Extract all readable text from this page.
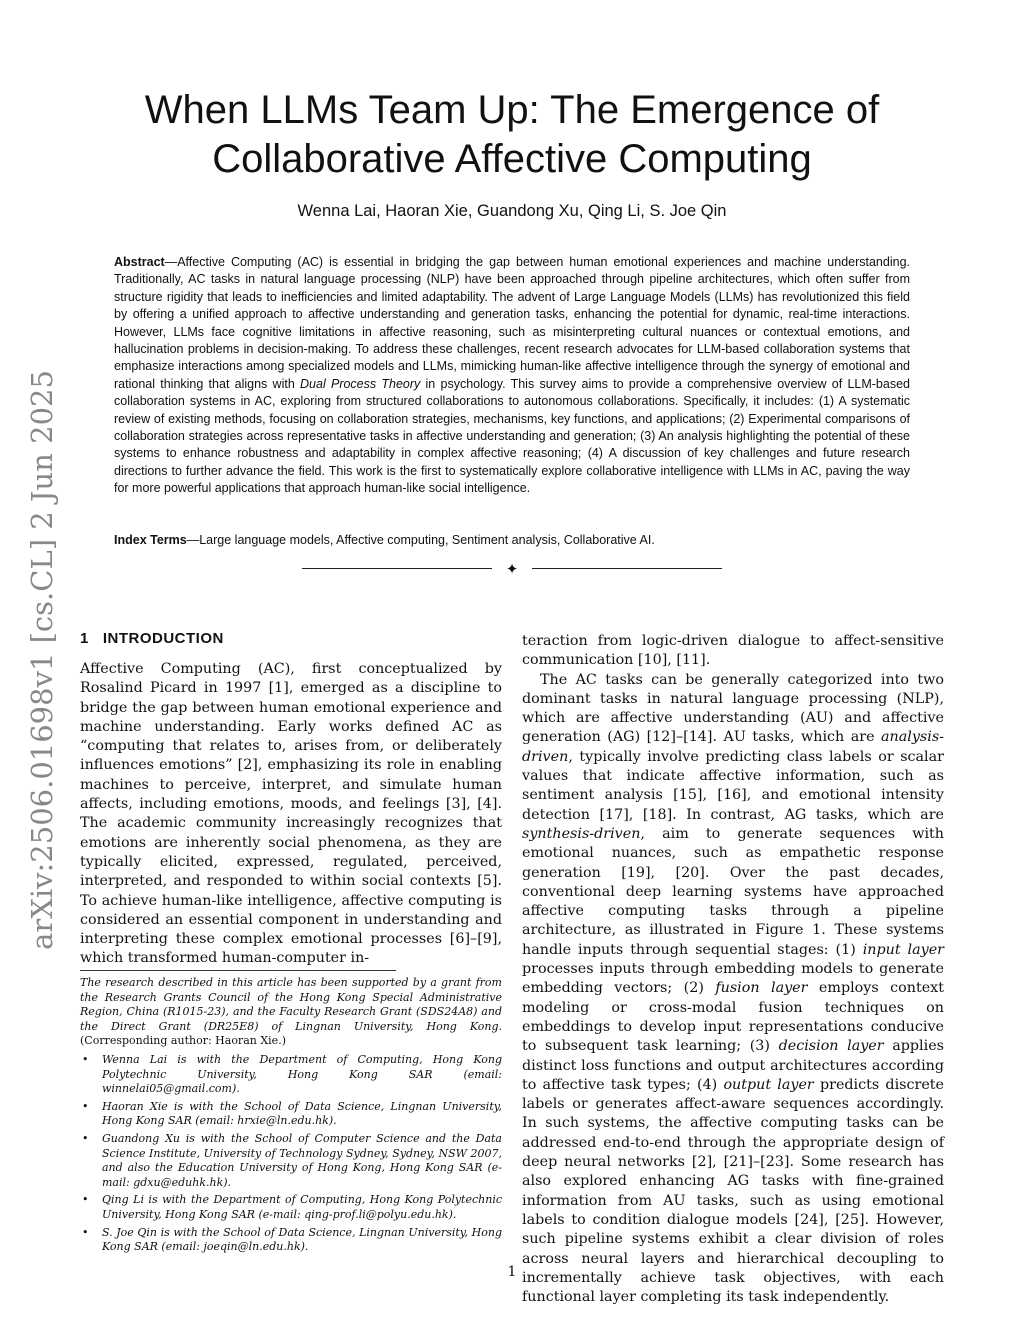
arXiv:2506.01698v1 [cs.CL] 2 Jun 2025
When LLMs Team Up: The Emergence of
Collaborative Affective Computing
Wenna Lai, Haoran Xie, Guandong Xu, Qing Li, S. Joe Qin
Abstract—Affective Computing (AC) is essential in bridging the gap between human emotional experiences and machine understanding. Traditionally, AC tasks in natural language processing (NLP) have been approached through pipeline architectures, which often suffer from structure rigidity that leads to inefficiencies and limited adaptability. The advent of Large Language Models (LLMs) has revolutionized this field by offering a unified approach to affective understanding and generation tasks, enhancing the potential for dynamic, real-time interactions. However, LLMs face cognitive limitations in affective reasoning, such as misinterpreting cultural nuances or contextual emotions, and hallucination problems in decision-making. To address these challenges, recent research advocates for LLM-based collaboration systems that emphasize interactions among specialized models and LLMs, mimicking human-like affective intelligence through the synergy of emotional and rational thinking that aligns with Dual Process Theory in psychology. This survey aims to provide a comprehensive overview of LLM-based collaboration systems in AC, exploring from structured collaborations to autonomous collaborations. Specifically, it includes: (1) A systematic review of existing methods, focusing on collaboration strategies, mechanisms, key functions, and applications; (2) Experimental comparisons of collaboration strategies across representative tasks in affective understanding and generation; (3) An analysis highlighting the potential of these systems to enhance robustness and adaptability in complex affective reasoning; (4) A discussion of key challenges and future research directions to further advance the field. This work is the first to systematically explore collaborative intelligence with LLMs in AC, paving the way for more powerful applications that approach human-like social intelligence.
Index Terms—Large language models, Affective computing, Sentiment analysis, Collaborative AI.
✦
1 INTRODUCTION

Affective Computing (AC), first conceptualized by Rosalind Picard in 1997 [1], emerged as a discipline to bridge the gap between human emotional experience and machine understanding. Early works defined AC as “computing that relates to, arises from, or deliberately influences emotions” [2], emphasizing its role in enabling machines to perceive, interpret, and simulate human affects, including emotions, moods, and feelings [3], [4]. The academic community increasingly recognizes that emotions are inherently social phenomena, as they are typically elicited, expressed, regulated, perceived, interpreted, and responded to within social contexts [5]. To achieve human-like intelligence, affective computing is considered an essential component in understanding and interpreting these complex emotional processes [6]–[9], which transformed human-computer in-

The research described in this article has been supported by a grant from the Research Grants Council of the Hong Kong Special Administrative Region, China (R1015-23), and the Faculty Research Grant (SDS24A8) and the Direct Grant (DR25E8) of Lingnan University, Hong Kong. (Corresponding author: Haoran Xie.)

• Wenna Lai is with the Department of Computing, Hong Kong Polytechnic University, Hong Kong SAR (email: winnelai05@gmail.com).
• Haoran Xie is with the School of Data Science, Lingnan University, Hong Kong SAR (email: hrxie@ln.edu.hk).
• Guandong Xu is with the School of Computer Science and the Data Science Institute, University of Technology Sydney, Sydney, NSW 2007, and also the Education University of Hong Kong, Hong Kong SAR (e-mail: gdxu@eduhk.hk).
• Qing Li is with the Department of Computing, Hong Kong Polytechnic University, Hong Kong SAR (e-mail: qing-prof.li@polyu.edu.hk).
• S. Joe Qin is with the School of Data Science, Lingnan University, Hong Kong SAR (email: joeqin@ln.edu.hk).

teraction from logic-driven dialogue to affect-sensitive communication [10], [11].

The AC tasks can be generally categorized into two dominant tasks in natural language processing (NLP), which are affective understanding (AU) and affective generation (AG) [12]–[14]. AU tasks, which are analysis-driven, typically involve predicting class labels or scalar values that indicate affective information, such as sentiment analysis [15], [16], and emotional intensity detection [17], [18]. In contrast, AG tasks, which are synthesis-driven, aim to generate sequences with emotional nuances, such as empathetic response generation [19], [20]. Over the past decades, conventional deep learning systems have approached affective computing tasks through a pipeline architecture, as illustrated in Figure 1. These systems handle inputs through sequential stages: (1) input layer processes inputs through embedding models to generate embedding vectors; (2) fusion layer employs context modeling or cross-modal fusion techniques on embeddings to develop input representations conducive to subsequent task learning; (3) decision layer applies distinct loss functions and output architectures according to affective task types; (4) output layer predicts discrete labels or generates affect-aware sequences accordingly. In such systems, the affective computing tasks can be addressed end-to-end through the appropriate design of deep neural networks [2], [21]–[23]. Some research has also explored enhancing AG tasks with fine-grained information from AU tasks, such as using emotional labels to condition dialogue models [24], [25]. However, such pipeline systems exhibit a clear division of roles across neural layers and hierarchical decoupling to incrementally achieve task objectives, with each functional layer completing its task independently.

1
